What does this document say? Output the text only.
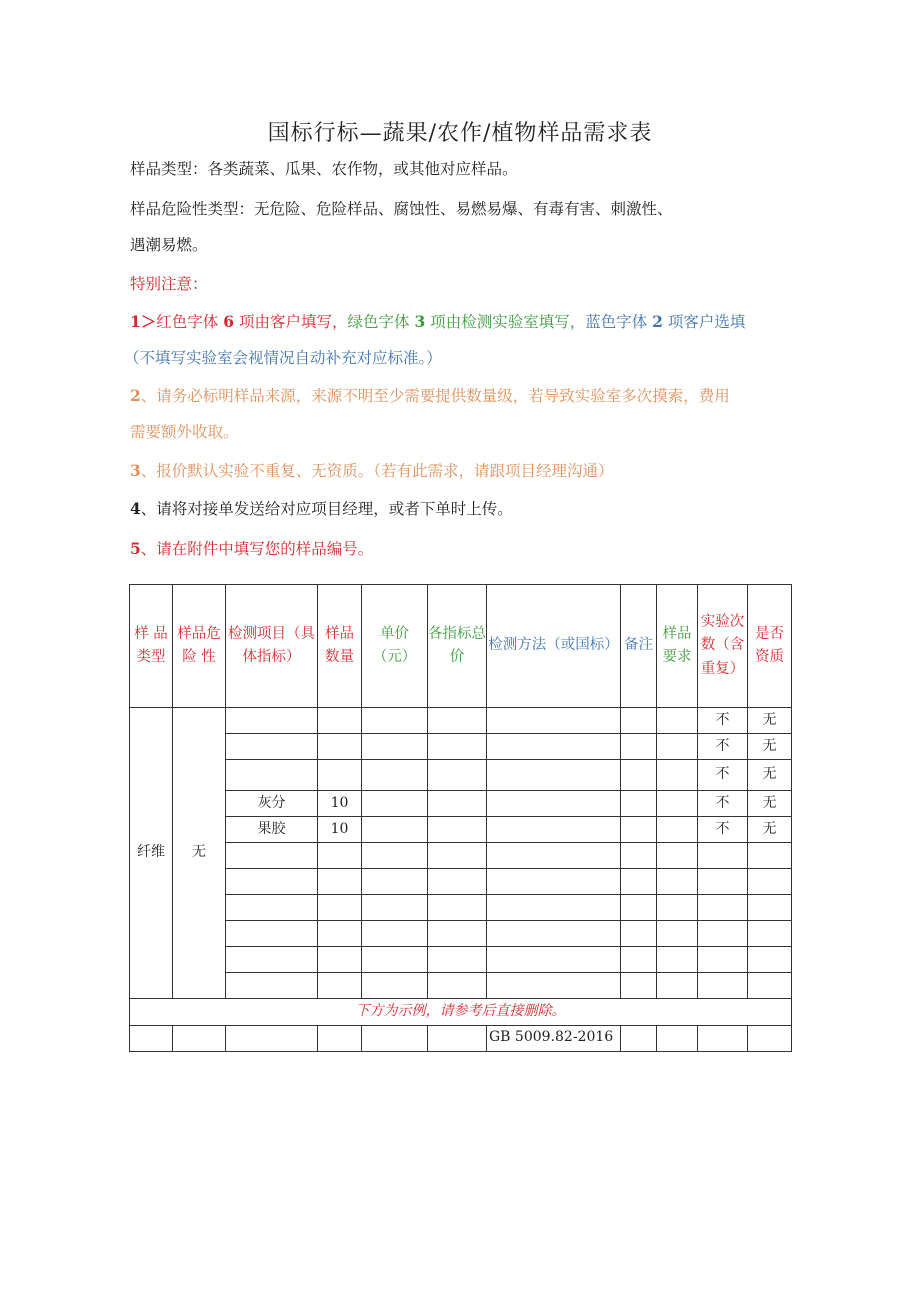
国标行标—蔬果/农作/植物样品需求表
样品类型：各类蔬菜、瓜果、农作物，或其他对应样品。
样品危险性类型：无危险、危险样品、腐蚀性、易燃易爆、有毒有害、刺激性、
遇潮易燃。
特别注意：
1＞红色字体 6 项由客户填写，绿色字体 3 项由检测实验室填写，蓝色字体 2 项客户选填
（不填写实验室会视情况自动补充对应标准。）
2、请务必标明样品来源，来源不明至少需要提供数量级，若导致实验室多次摸索，费用
需要额外收取。
3、报价默认实验不重复、无资质。（若有此需求，请跟项目经理沟通）
4、请将对接单发送给对应项目经理，或者下单时上传。
5、请在附件中填写您的样品编号。
样 品 类型	样品危险 性	检测项目（具体指标）	样品数量	单价（元）	各指标总价	检测方法（或国标）	备注	样品要求	实验次数（含重复）	是否资质
纤维	无								不	无
									不	无
									不	无
		灰分	10						不	无
		果胶	10						不	无

下方为示例，请参考后直接删除。										
						GB 5009.82-2016				
